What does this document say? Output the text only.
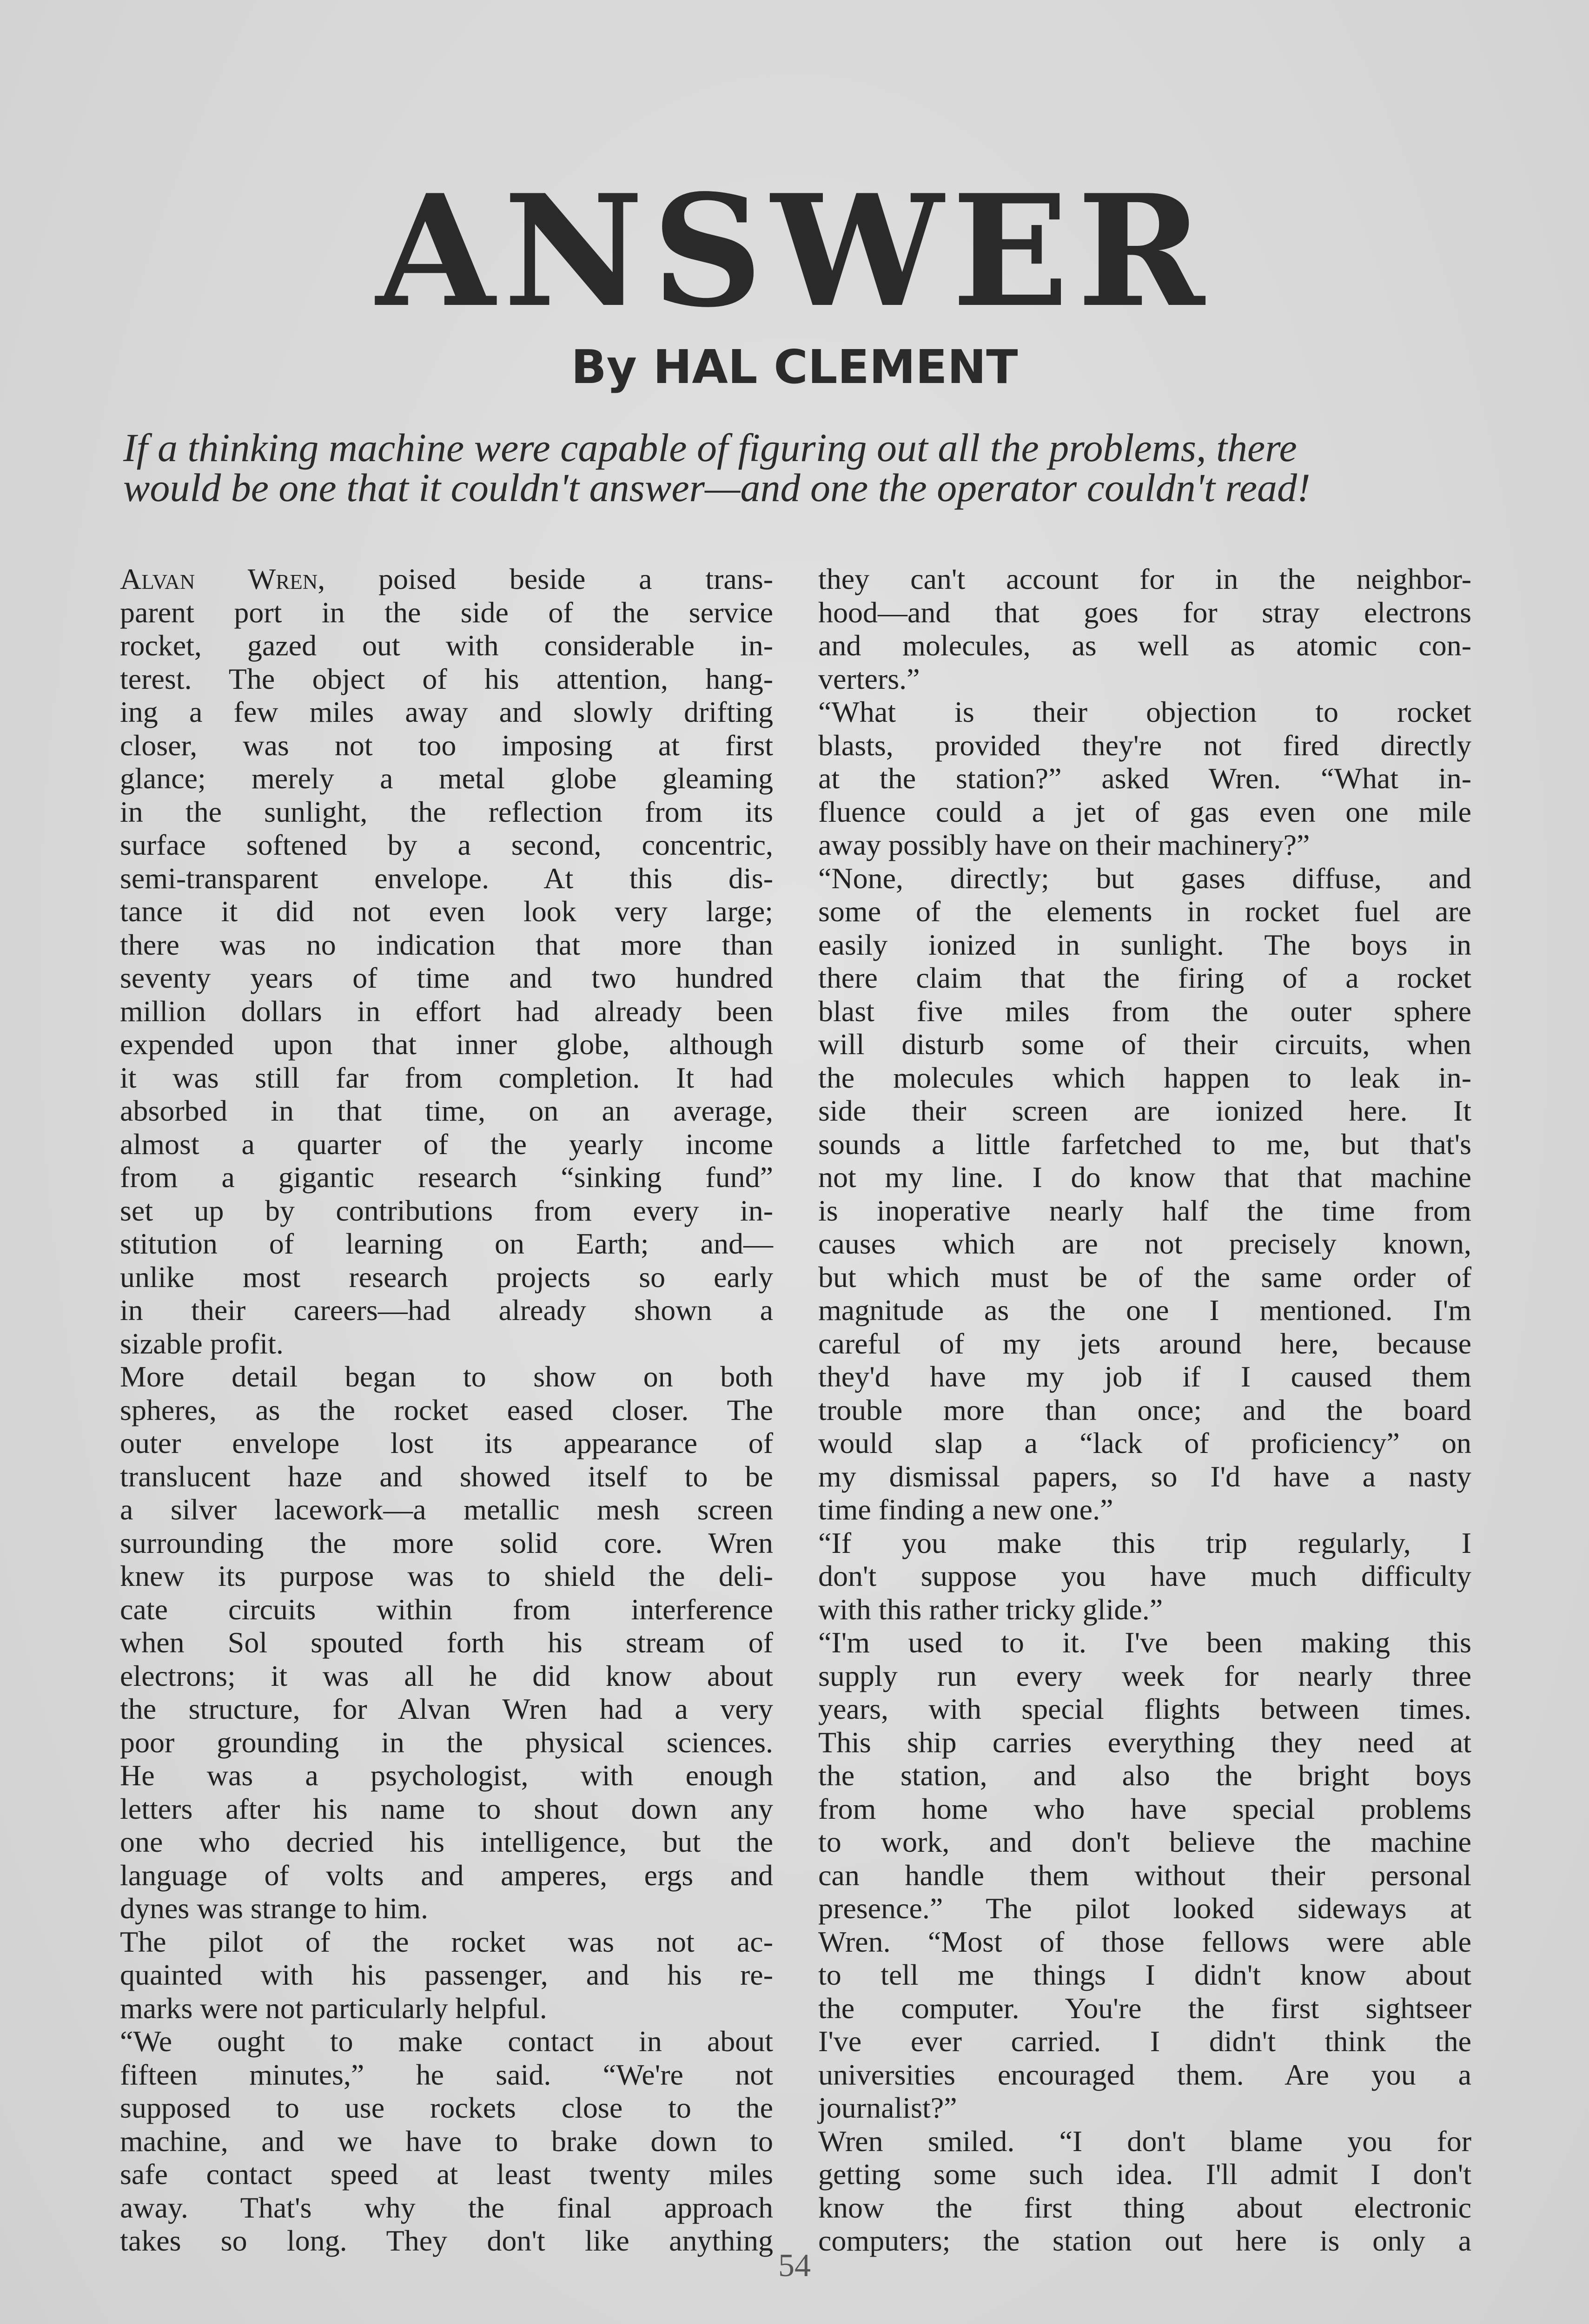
ANSWER
By HAL CLEMENT
If a thinking machine were capable of figuring out all the problems, there
would be one that it couldn't answer—and one the operator couldn't read!
Alvan Wren, poised beside a trans-
parent port in the side of the service
rocket, gazed out with considerable in-
terest. The object of his attention, hang-
ing a few miles away and slowly drifting
closer, was not too imposing at first
glance; merely a metal globe gleaming
in the sunlight, the reflection from its
surface softened by a second, concentric,
semi-transparent envelope. At this dis-
tance it did not even look very large;
there was no indication that more than
seventy years of time and two hundred
million dollars in effort had already been
expended upon that inner globe, although
it was still far from completion. It had
absorbed in that time, on an average,
almost a quarter of the yearly income
from a gigantic research “sinking fund”
set up by contributions from every in-
stitution of learning on Earth; and—
unlike most research projects so early
in their careers—had already shown a
sizable profit.
More detail began to show on both
spheres, as the rocket eased closer. The
outer envelope lost its appearance of
translucent haze and showed itself to be
a silver lacework—a metallic mesh screen
surrounding the more solid core. Wren
knew its purpose was to shield the deli-
cate circuits within from interference
when Sol spouted forth his stream of
electrons; it was all he did know about
the structure, for Alvan Wren had a very
poor grounding in the physical sciences.
He was a psychologist, with enough
letters after his name to shout down any
one who decried his intelligence, but the
language of volts and amperes, ergs and
dynes was strange to him.
The pilot of the rocket was not ac-
quainted with his passenger, and his re-
marks were not particularly helpful.
“We ought to make contact in about
fifteen minutes,” he said. “We're not
supposed to use rockets close to the
machine, and we have to brake down to
safe contact speed at least twenty miles
away. That's why the final approach
takes so long. They don't like anything
they can't account for in the neighbor-
hood—and that goes for stray electrons
and molecules, as well as atomic con-
verters.”
“What is their objection to rocket
blasts, provided they're not fired directly
at the station?” asked Wren. “What in-
fluence could a jet of gas even one mile
away possibly have on their machinery?”
“None, directly; but gases diffuse, and
some of the elements in rocket fuel are
easily ionized in sunlight. The boys in
there claim that the firing of a rocket
blast five miles from the outer sphere
will disturb some of their circuits, when
the molecules which happen to leak in-
side their screen are ionized here. It
sounds a little farfetched to me, but that's
not my line. I do know that that machine
is inoperative nearly half the time from
causes which are not precisely known,
but which must be of the same order of
magnitude as the one I mentioned. I'm
careful of my jets around here, because
they'd have my job if I caused them
trouble more than once; and the board
would slap a “lack of proficiency” on
my dismissal papers, so I'd have a nasty
time finding a new one.”
“If you make this trip regularly, I
don't suppose you have much difficulty
with this rather tricky glide.”
“I'm used to it. I've been making this
supply run every week for nearly three
years, with special flights between times.
This ship carries everything they need at
the station, and also the bright boys
from home who have special problems
to work, and don't believe the machine
can handle them without their personal
presence.” The pilot looked sideways at
Wren. “Most of those fellows were able
to tell me things I didn't know about
the computer. You're the first sightseer
I've ever carried. I didn't think the
universities encouraged them. Are you a
journalist?”
Wren smiled. “I don't blame you for
getting some such idea. I'll admit I don't
know the first thing about electronic
computers; the station out here is only a
54
